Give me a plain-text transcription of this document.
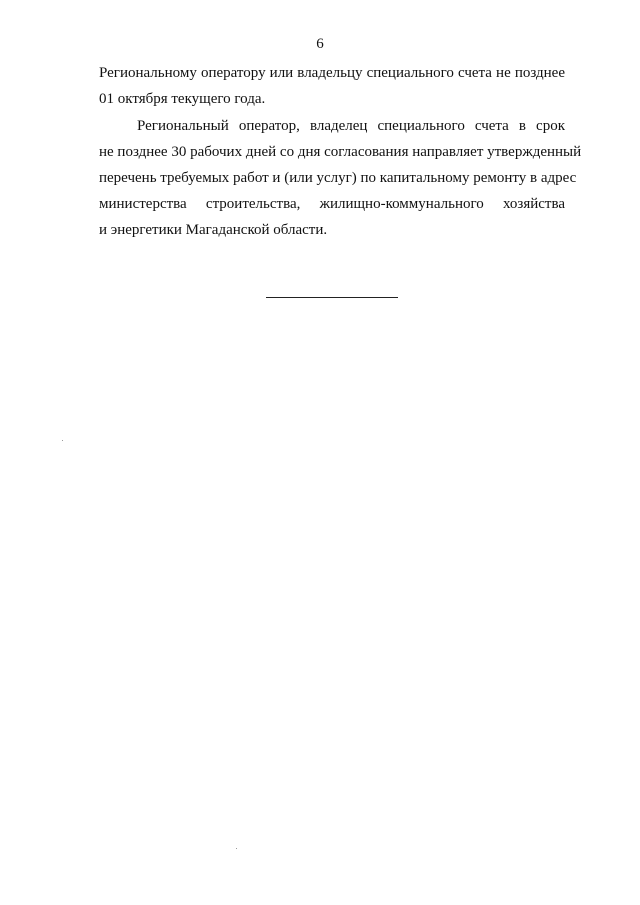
6
Региональному оператору или владельцу специального счета не позднее
01 октября текущего года.
Региональный оператор, владелец специального счета в срок
не позднее 30 рабочих дней со дня согласования направляет утвержденный
перечень требуемых работ и (или услуг) по капитальному ремонту в адрес
министерства строительства, жилищно-коммунального хозяйства
и энергетики Магаданской области.
